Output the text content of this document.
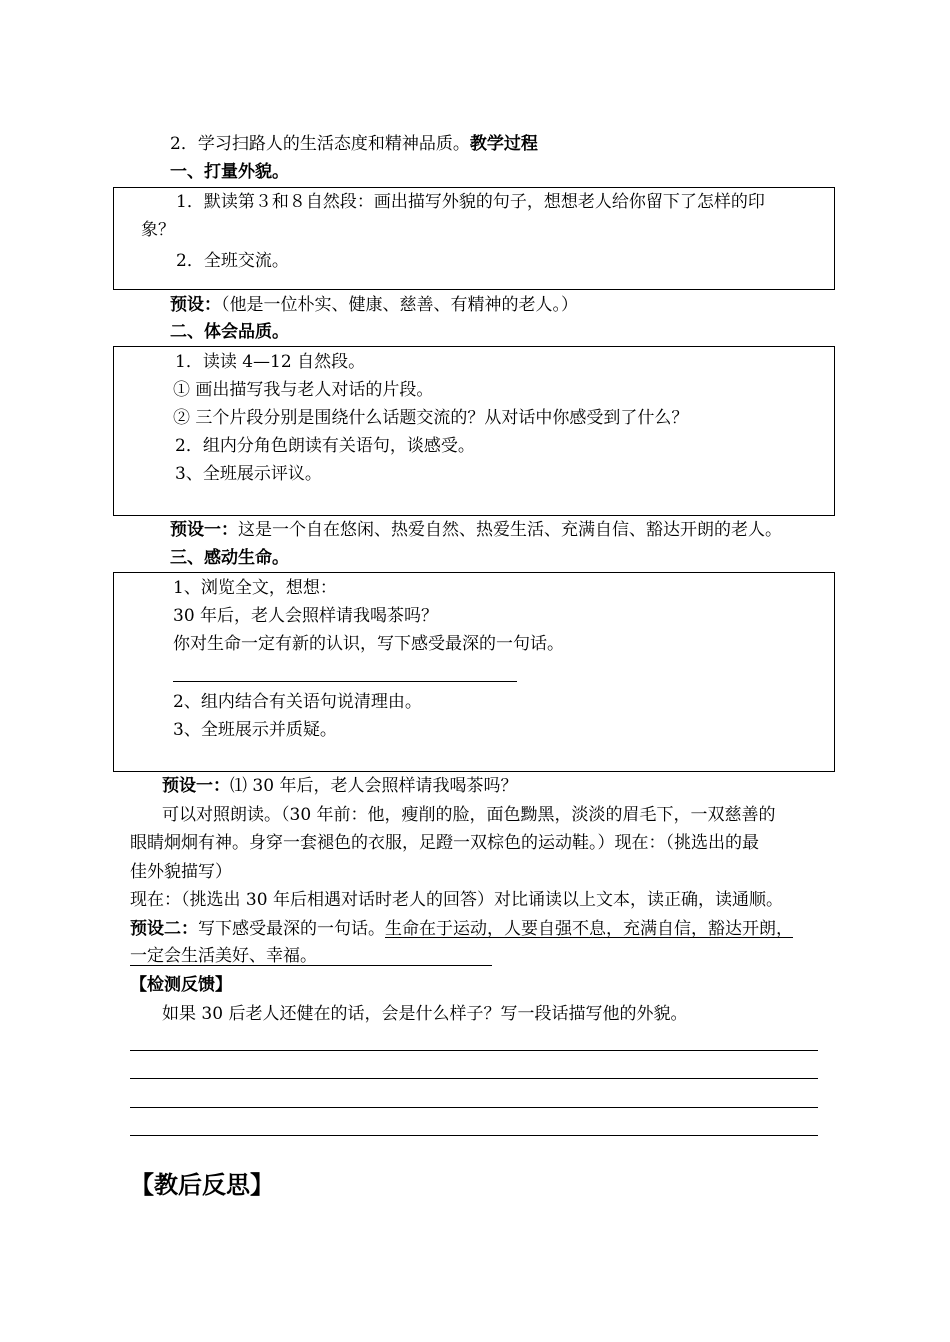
2．学习扫路人的生活态度和精神品质。教学过程
一、打量外貌。
1．默读第３和８自然段：画出描写外貌的句子，想想老人给你留下了怎样的印
象？
2．全班交流。
预设：（他是一位朴实、健康、慈善、有精神的老人。）
二、体会品质。
1．读读 4—12 自然段。
① 画出描写我与老人对话的片段。
② 三个片段分别是围绕什么话题交流的？从对话中你感受到了什么？
2．组内分角色朗读有关语句，谈感受。
3、全班展示评议。
预设一：这是一个自在悠闲、热爱自然、热爱生活、充满自信、豁达开朗的老人。
三、感动生命。
1、浏览全文，想想：
30 年后，老人会照样请我喝茶吗？
你对生命一定有新的认识，写下感受最深的一句话。
2、组内结合有关语句说清理由。
3、全班展示并质疑。
预设一：⑴ 30 年后，老人会照样请我喝茶吗？
可以对照朗读。（30 年前：他，瘦削的脸，面色黝黑，淡淡的眉毛下，一双慈善的
眼睛炯炯有神。身穿一套褪色的衣服，足蹬一双棕色的运动鞋。）现在：（挑选出的最
佳外貌描写）
现在：（挑选出 30 年后相遇对话时老人的回答）对比诵读以上文本，读正确，读通顺。
预设二：写下感受最深的一句话。生命在于运动，人要自强不息，充满自信，豁达开朗，
一定会生活美好、幸福。
【检测反馈】
如果 30 后老人还健在的话，会是什么样子？写一段话描写他的外貌。
【教后反思】
